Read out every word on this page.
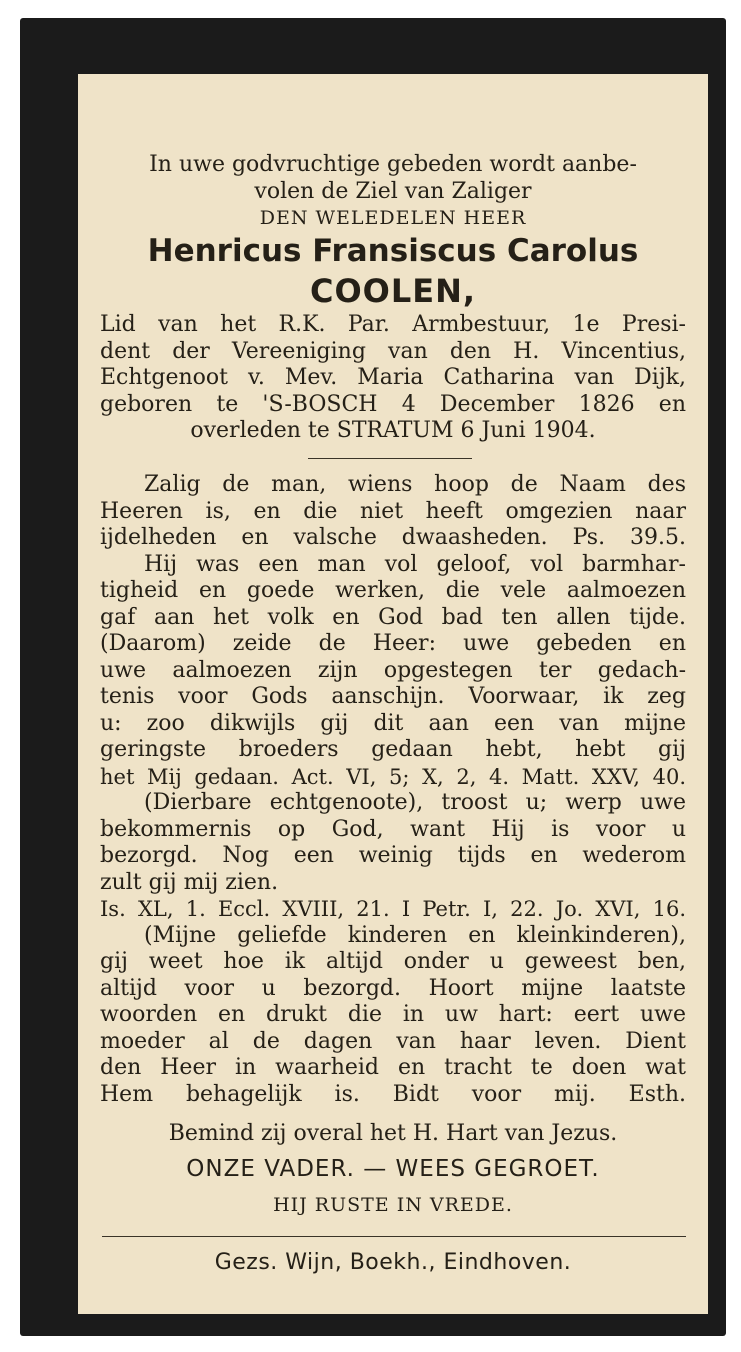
In uwe godvruchtige gebeden wordt aanbe-
volen de Ziel van Zaliger
DEN WELEDELEN HEER
Henricus Fransiscus Carolus
COOLEN,
Lid van het R.K. Par. Armbestuur, 1e Presi-
dent der Vereeniging van den H. Vincentius,
Echtgenoot v. Mev. Maria Catharina van Dijk,
geboren te 'S-BOSCH 4 December 1826 en
overleden te STRATUM 6 Juni 1904.
Zalig de man, wiens hoop de Naam des
Heeren is, en die niet heeft omgezien naar
ijdelheden en valsche dwaasheden. Ps. 39.5.
Hij was een man vol geloof, vol barmhar-
tigheid en goede werken, die vele aalmoezen
gaf aan het volk en God bad ten allen tijde.
(Daarom) zeide de Heer: uwe gebeden en
uwe aalmoezen zijn opgestegen ter gedach-
tenis voor Gods aanschijn. Voorwaar, ik zeg
u: zoo dikwijls gij dit aan een van mijne
geringste broeders gedaan hebt, hebt gij
het Mij gedaan. Act. VI, 5; X, 2, 4. Matt. XXV, 40.
(Dierbare echtgenoote), troost u; werp uwe
bekommernis op God, want Hij is voor u
bezorgd. Nog een weinig tijds en wederom
zult gij mij zien.
Is. XL, 1. Eccl. XVIII, 21. I Petr. I, 22. Jo. XVI, 16.
(Mijne geliefde kinderen en kleinkinderen),
gij weet hoe ik altijd onder u geweest ben,
altijd voor u bezorgd. Hoort mijne laatste
woorden en drukt die in uw hart: eert uwe
moeder al de dagen van haar leven. Dient
den Heer in waarheid en tracht te doen wat
Hem behagelijk is. Bidt voor mij. Esth.
Bemind zij overal het H. Hart van Jezus.
ONZE VADER. — WEES GEGROET.
HIJ RUSTE IN VREDE.
Gezs. Wijn, Boekh., Eindhoven.
